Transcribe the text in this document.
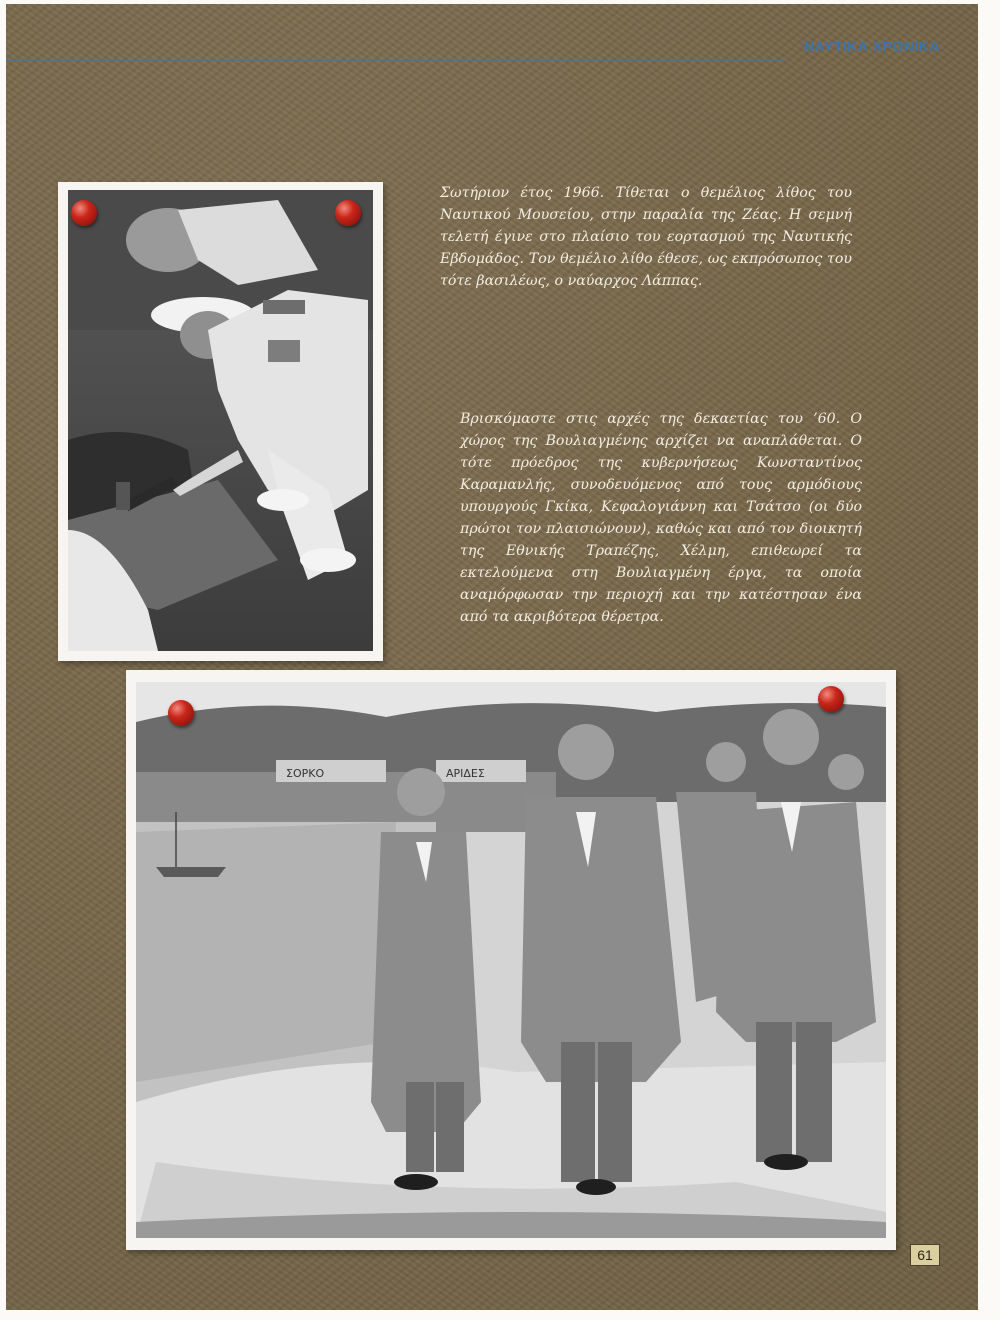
ΝΑΥΤΙΚΑ ΧΡΟΝΙΚΑ

Σωτήριον έτος 1966. Τίθεται ο θεμέλιος λίθος του Ναυτικού Μουσείου, στην παραλία της Ζέας. Η σεμνή τελετή έγινε στο πλαίσιο του εορτασμού της Ναυτικής Εβδομάδος. Τον θεμέλιο λίθο έθεσε, ως εκπρόσωπος του τότε βασιλέως, ο ναύαρχος Λάππας.

Βρισκόμαστε στις αρχές της δεκαετίας του ’60. Ο χώρος της Βουλιαγμένης αρχίζει να αναπλάθεται. Ο τότε πρόεδρος της κυβερνήσεως Κωνσταντίνος Καραμανλής, συνοδευόμενος από τους αρμόδιους υπουργούς Γκίκα, Κεφαλογιάννη και Τσάτσο (οι δύο πρώτοι τον πλαισιώνουν), καθώς και από τον διοικητή της Εθνικής Τραπέζης, Χέλμη, επιθεωρεί τα εκτελούμενα στη Βουλιαγμένη έργα, τα οποία αναμόρφωσαν την περιοχή και την κατέστησαν ένα από τα ακριβότερα θέρετρα.

ΣΟΡΚΟ	ΑΡΙΔΕΣ
61
